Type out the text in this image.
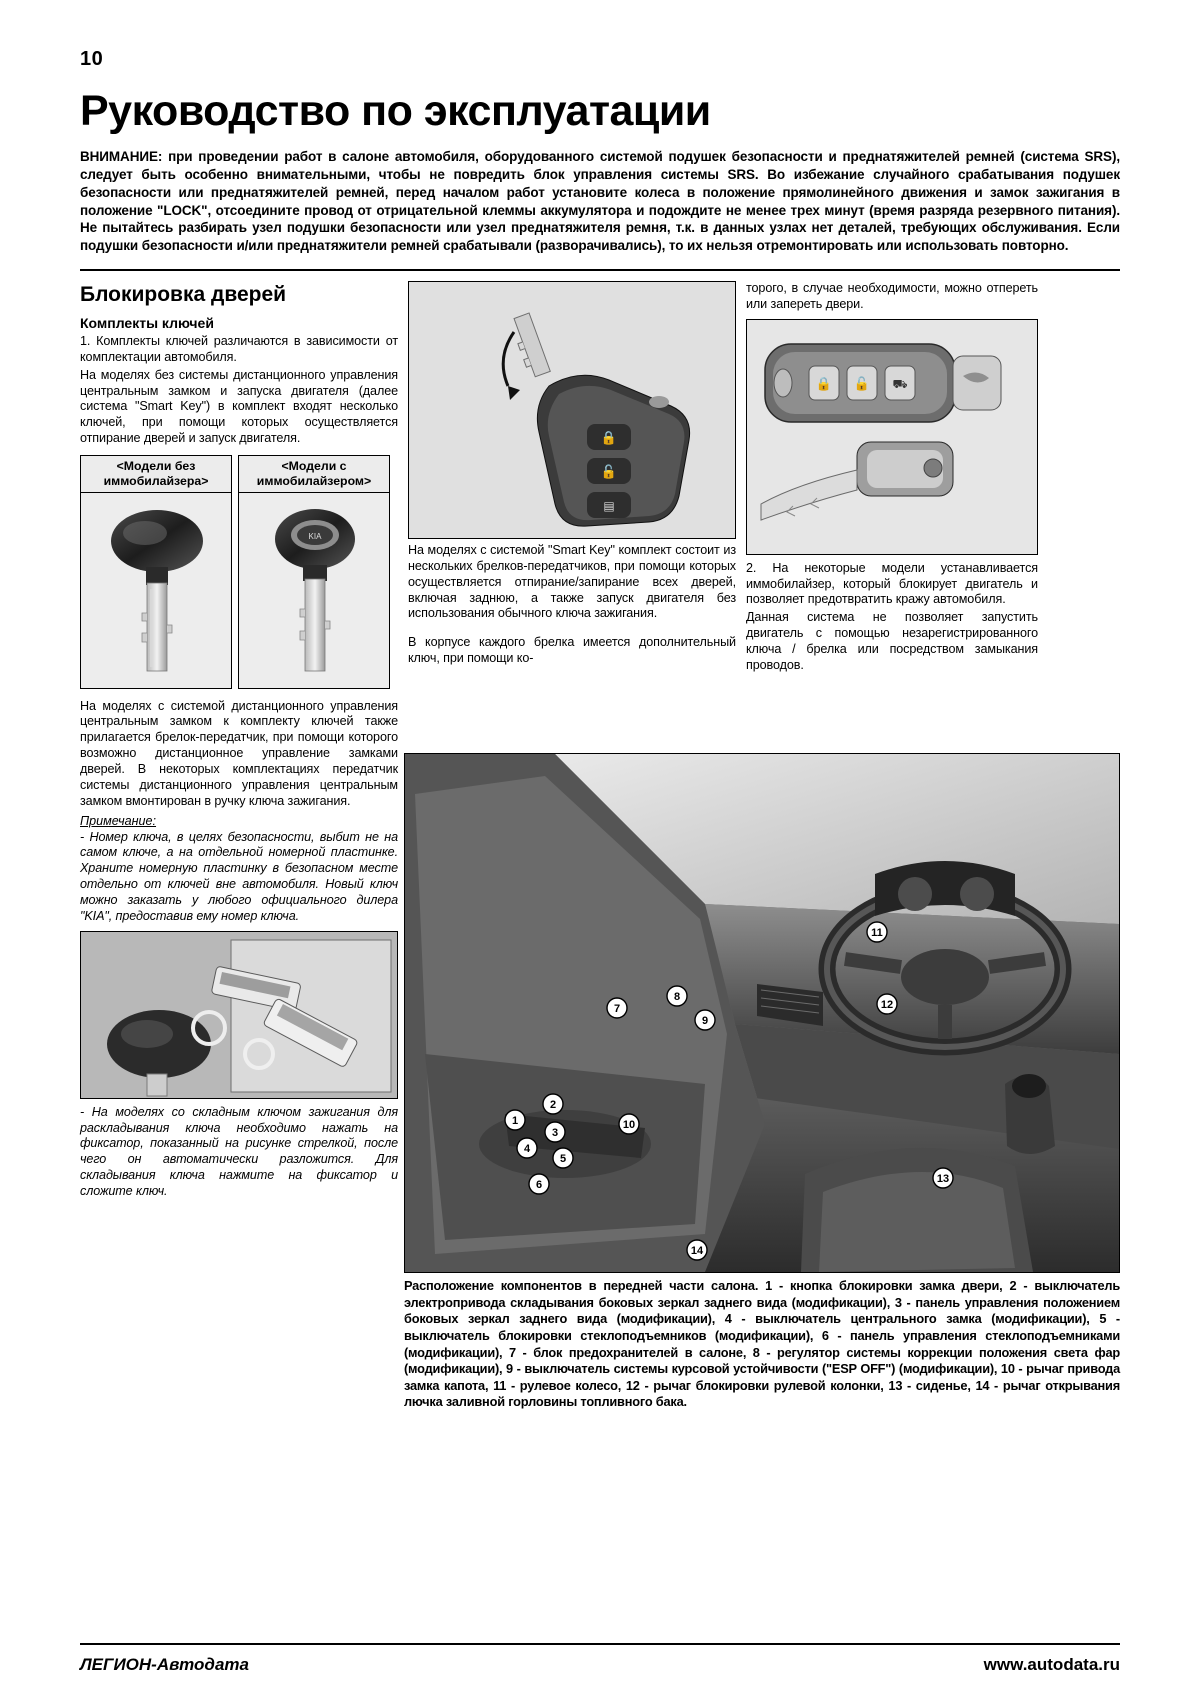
10
Руководство по эксплуатации
ВНИМАНИЕ: при проведении работ в салоне автомобиля, оборудованного системой подушек безопасности и преднатяжителей ремней (система SRS), следует быть особенно внимательными, чтобы не повредить блок управления системы SRS. Во избежание случайного срабатывания подушек безопасности или преднатяжителей ремней, перед началом работ установите колеса в положение прямолинейного движения и замок зажигания в положение "LOCK", отсоедините провод от отрицательной клеммы аккумулятора и подождите не менее трех минут (время разряда резервного питания). Не пытайтесь разбирать узел подушки безопасности или узел преднатяжителя ремня, т.к. в данных узлах нет деталей, требующих обслуживания. Если подушки безопасности и/или преднатяжители ремней срабатывали (разворачивались), то их нельзя отремонтировать или использовать повторно.
Блокировка дверей
Комплекты ключей

1. Комплекты ключей различаются в зависимости от комплектации автомобиля.

На моделях без системы дистанционного управления центральным замком и запуска двигателя (далее система "Smart Key") в комплект входят несколько ключей, при помощи которых осуществляется отпирание дверей и запуск двигателя.

<Модели без иммобилайзера>
<Модели с иммобилайзером>
KIA

На моделях с системой дистанционного управления центральным замком к комплекту ключей также прилагается брелок-передатчик, при помощи которого возможно дистанционное управление замками дверей. В некоторых комплектациях передатчик системы дистанционного управления центральным замком вмонтирован в ручку ключа зажигания.

Примечание:

- Номер ключа, в целях безопасности, выбит не на самом ключе, а на отдельной номерной пластинке. Храните номерную пластинку в безопасном месте отдельно от ключей вне автомобиля. Новый ключ можно заказать у любого официального дилера "KIA", предоставив ему номер ключа.

- На моделях со складным ключом зажигания для раскладывания ключа необходимо нажать на фиксатор, показанный на рисунке стрелкой, после чего он автоматически разложится. Для складывания ключа нажмите на фиксатор и сложите ключ.

🔒
🔓
▤

На моделях с системой "Smart Key" комплект состоит из нескольких брелков-передатчиков, при помощи которых осуществляется отпирание/запирание всех дверей, включая заднюю, а также запуск двигателя без использования обычного ключа зажигания.

В корпусе каждого брелка имеется дополнительный ключ, при помощи ко-

торого, в случае необходимости, можно отпереть или запереть двери.

🔒 🔓 ⛟

2. На некоторые модели устанавливается иммобилайзер, который блокирует двигатель и позволяет предотвратить кражу автомобиля.

Данная система не позволяет запустить двигатель с помощью незарегистрированного ключа / брелка или посредством замыкания проводов.

1
2
3
4
5
6
7
8
9
10
11
12
13
14

Расположение компонентов в передней части салона. 1 - кнопка блокировки замка двери, 2 - выключатель электропривода складывания боковых зеркал заднего вида (модификации), 3 - панель управления положением боковых зеркал заднего вида (модификации), 4 - выключатель центрального замка (модификации), 5 - выключатель блокировки стеклоподъемников (модификации), 6 - панель управления стеклоподъемниками (модификации), 7 - блок предохранителей в салоне, 8 - регулятор системы коррекции положения света фар (модификации), 9 - выключатель системы курсовой устойчивости ("ESP OFF") (модификации), 10 - рычаг привода замка капота, 11 - рулевое колесо, 12 - рычаг блокировки рулевой колонки, 13 - сиденье, 14 - рычаг открывания лючка заливной горловины топливного бака.

ЛЕГИОН-Автодата	www.autodata.ru
